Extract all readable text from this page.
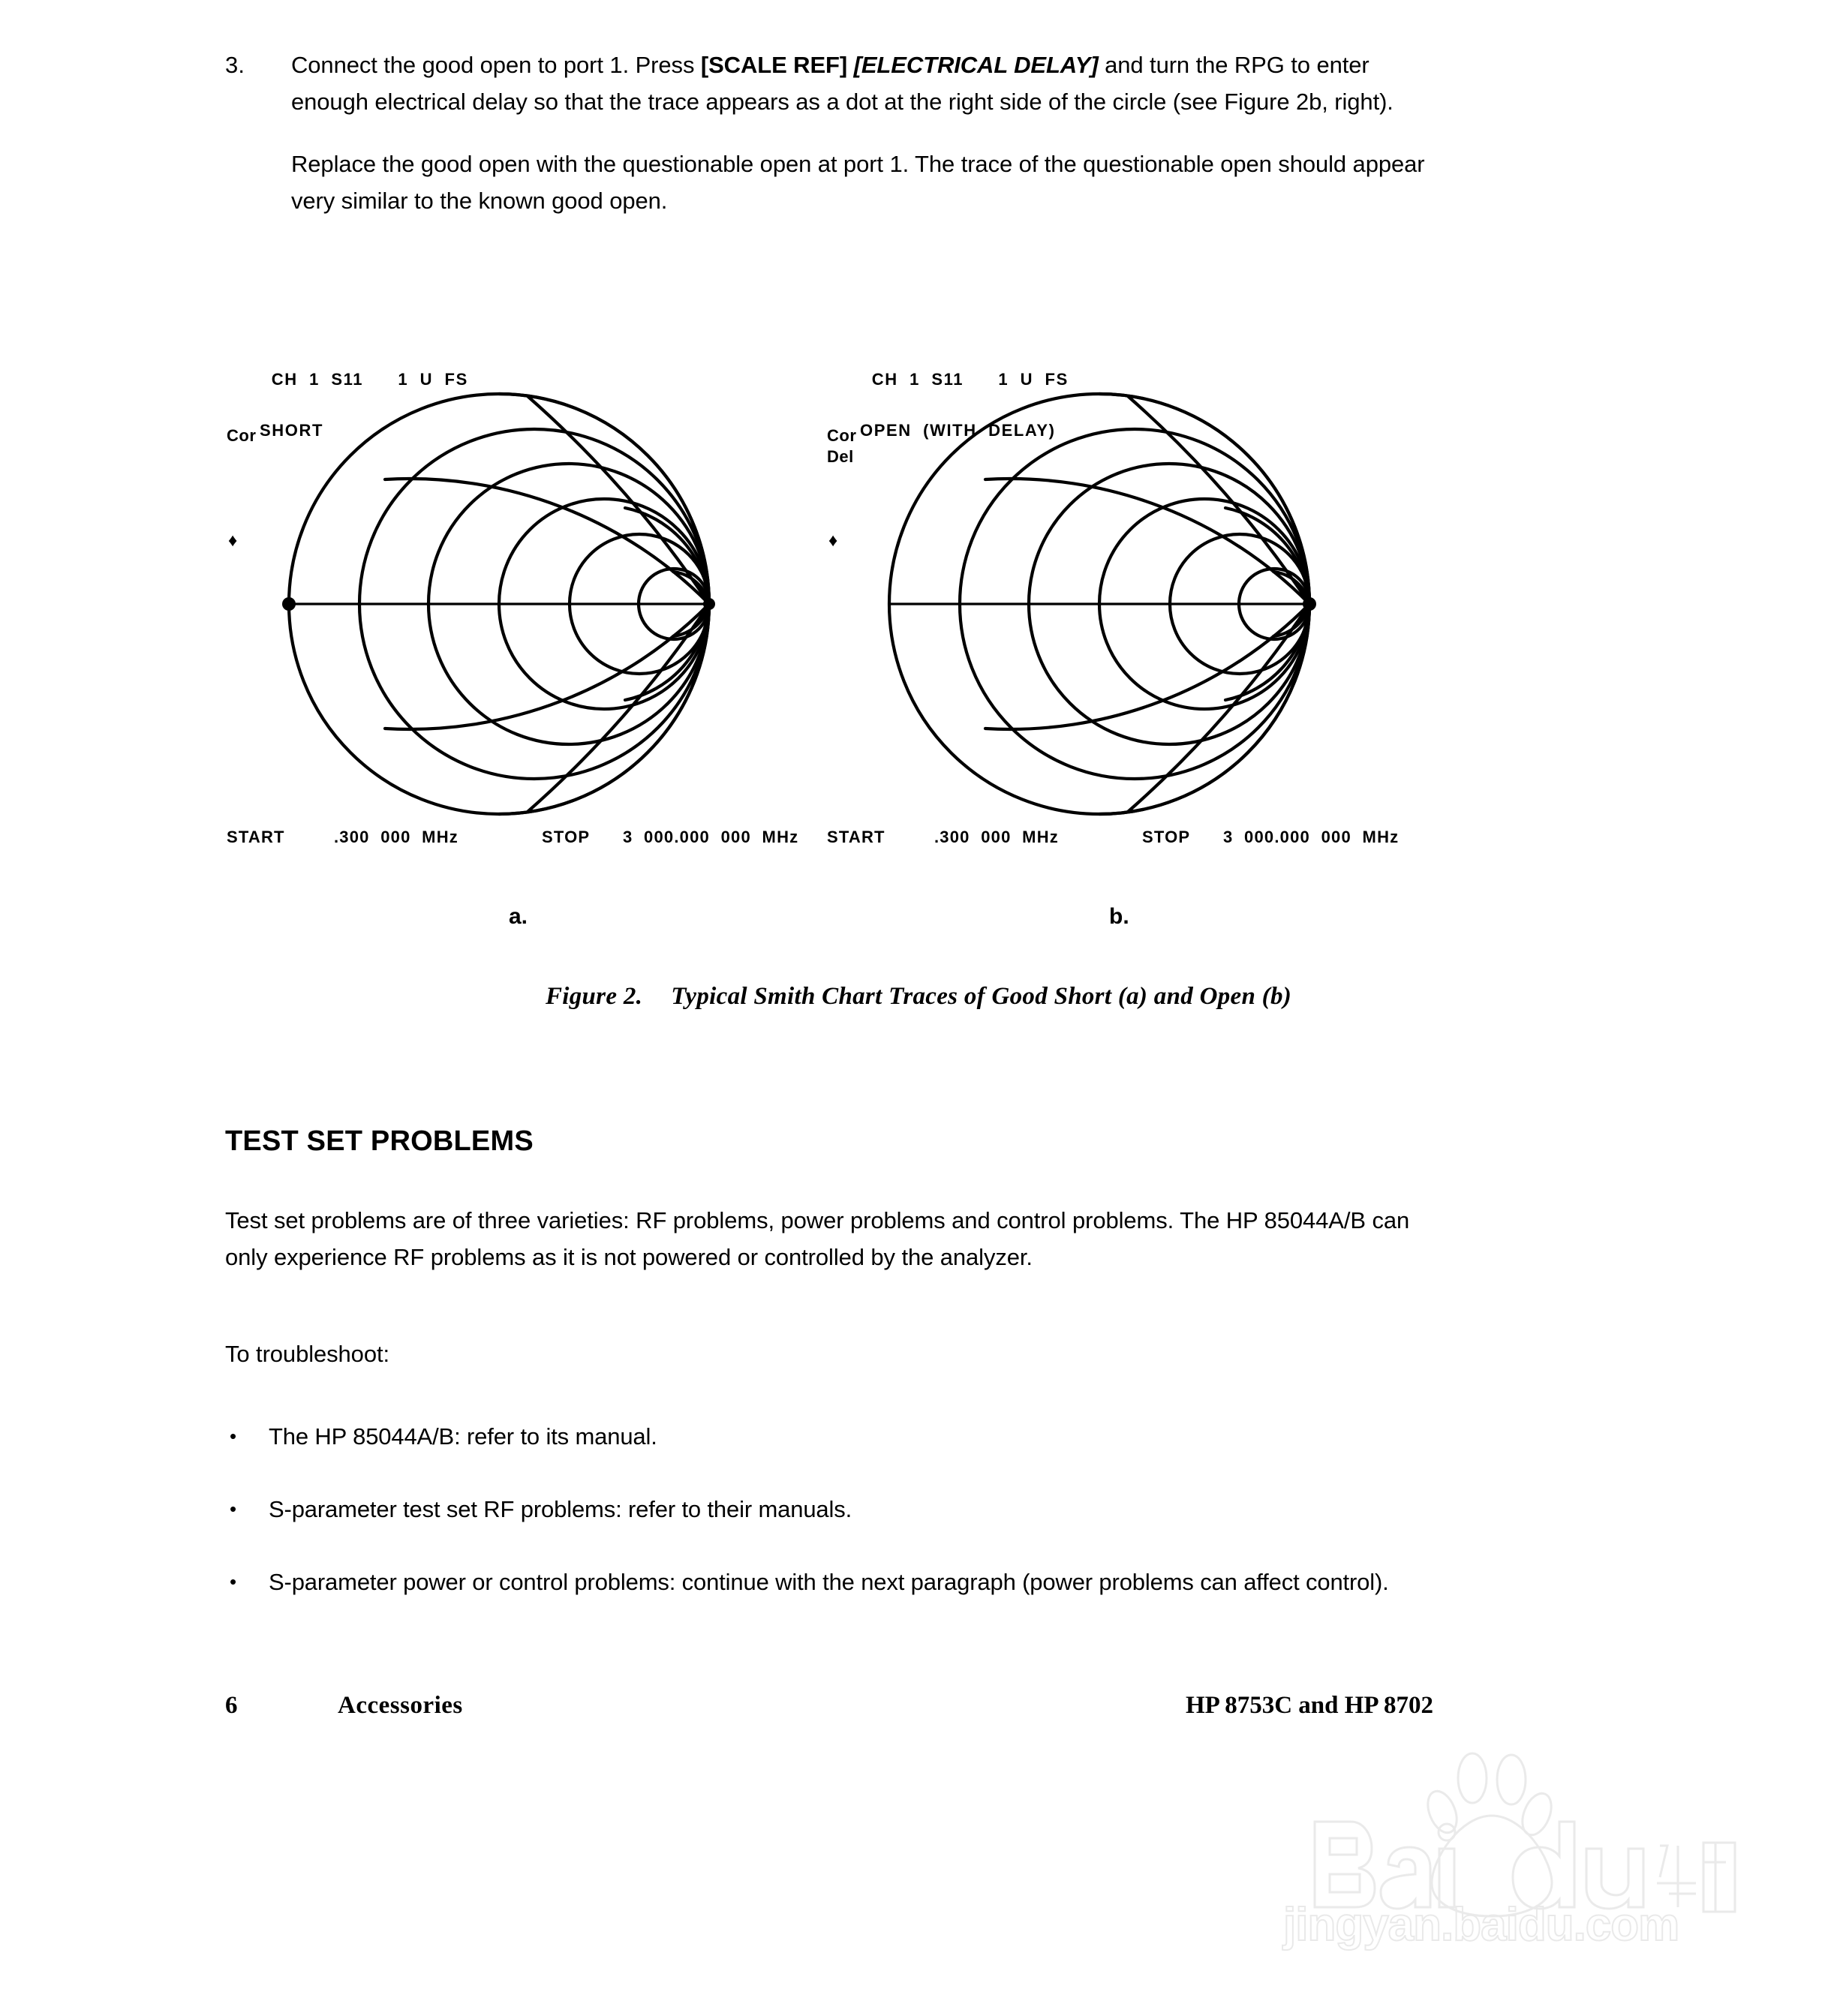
3.	Connect the good open to port 1. Press [SCALE REF] [ELECTRICAL DELAY] and turn the RPG to enter enough electrical delay so that the trace appears as a dot at the right side of the circle (see Figure 2b, right).
Replace the good open with the questionable open at port 1. The trace of the questionable open should appear very similar to the known good open.

CH  1  S11      1  U  FS

SHORT

Cor
♦

START

	.300  000  MHz

	STOP

3  000.000  000  MHz

CH  1  S11      1  U  FS

OPEN  (WITH  DELAY)

Cor
Del
♦

START

	.300  000  MHz

	STOP

3  000.000  000  MHz

a.	b.
Figure 2. Typical Smith Chart Traces of Good Short (a) and Open (b)
TEST SET PROBLEMS
Test set problems are of three varieties: RF problems, power problems and control problems. The HP 85044A/B can only experience RF problems as it is not powered or controlled by the analyzer.
To troubleshoot:
•	The HP 85044A/B: refer to its manual.
•	S-parameter test set RF problems: refer to their manuals.
•	S-parameter power or control problems: continue with the next paragraph (power problems can affect control).
6	Accessories	HP 8753C and HP 8702
jingyan.baidu.com
